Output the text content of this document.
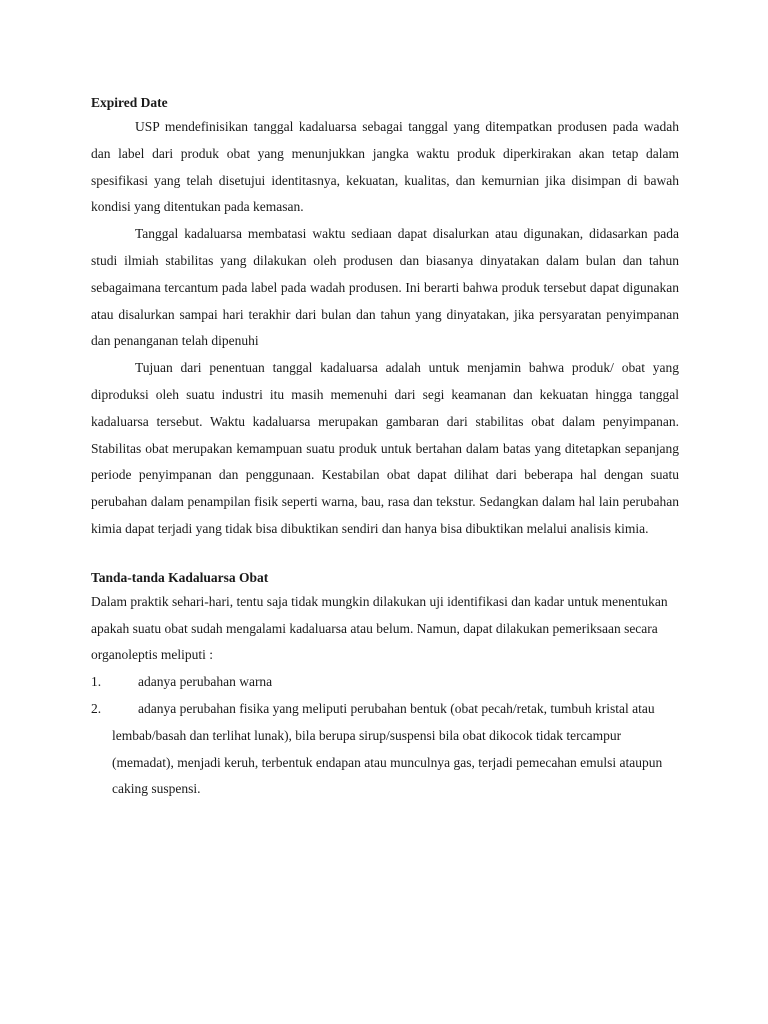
Expired Date

USP mendefinisikan tanggal kadaluarsa sebagai tanggal yang ditempatkan produsen pada wadah dan label dari produk obat yang menunjukkan jangka waktu produk diperkirakan akan tetap dalam spesifikasi yang telah disetujui identitasnya, kekuatan, kualitas, dan kemurnian jika disimpan di bawah kondisi yang ditentukan pada kemasan.

Tanggal kadaluarsa membatasi waktu sediaan dapat disalurkan atau digunakan, didasarkan pada studi ilmiah stabilitas yang dilakukan oleh produsen dan biasanya dinyatakan dalam bulan dan tahun sebagaimana tercantum pada label pada wadah produsen. Ini berarti bahwa produk tersebut dapat digunakan atau disalurkan sampai hari terakhir dari bulan dan tahun yang dinyatakan, jika persyaratan penyimpanan dan penanganan telah dipenuhi

Tujuan dari penentuan tanggal kadaluarsa adalah untuk menjamin bahwa produk/ obat yang diproduksi oleh suatu industri itu masih memenuhi dari segi keamanan dan kekuatan hingga tanggal kadaluarsa tersebut. Waktu kadaluarsa merupakan gambaran dari stabilitas obat dalam penyimpanan. Stabilitas obat merupakan kemampuan suatu produk untuk bertahan dalam batas yang ditetapkan sepanjang periode penyimpanan dan penggunaan. Kestabilan obat dapat dilihat dari beberapa hal dengan suatu perubahan dalam penampilan fisik seperti warna, bau, rasa dan tekstur. Sedangkan dalam hal lain perubahan kimia dapat terjadi yang tidak bisa dibuktikan sendiri dan hanya bisa dibuktikan melalui analisis kimia.

Tanda-tanda Kadaluarsa Obat

Dalam praktik sehari-hari, tentu saja tidak mungkin dilakukan uji identifikasi dan kadar untuk menentukan apakah suatu obat sudah mengalami kadaluarsa atau belum. Namun, dapat dilakukan pemeriksaan secara organoleptis meliputi :

1.	adanya perubahan warna

2.	adanya perubahan fisika yang meliputi perubahan bentuk (obat pecah/retak, tumbuh kristal atau lembab/basah dan terlihat lunak), bila berupa sirup/suspensi bila obat dikocok tidak tercampur (memadat), menjadi keruh, terbentuk endapan atau munculnya gas, terjadi pemecahan emulsi ataupun caking suspensi.
